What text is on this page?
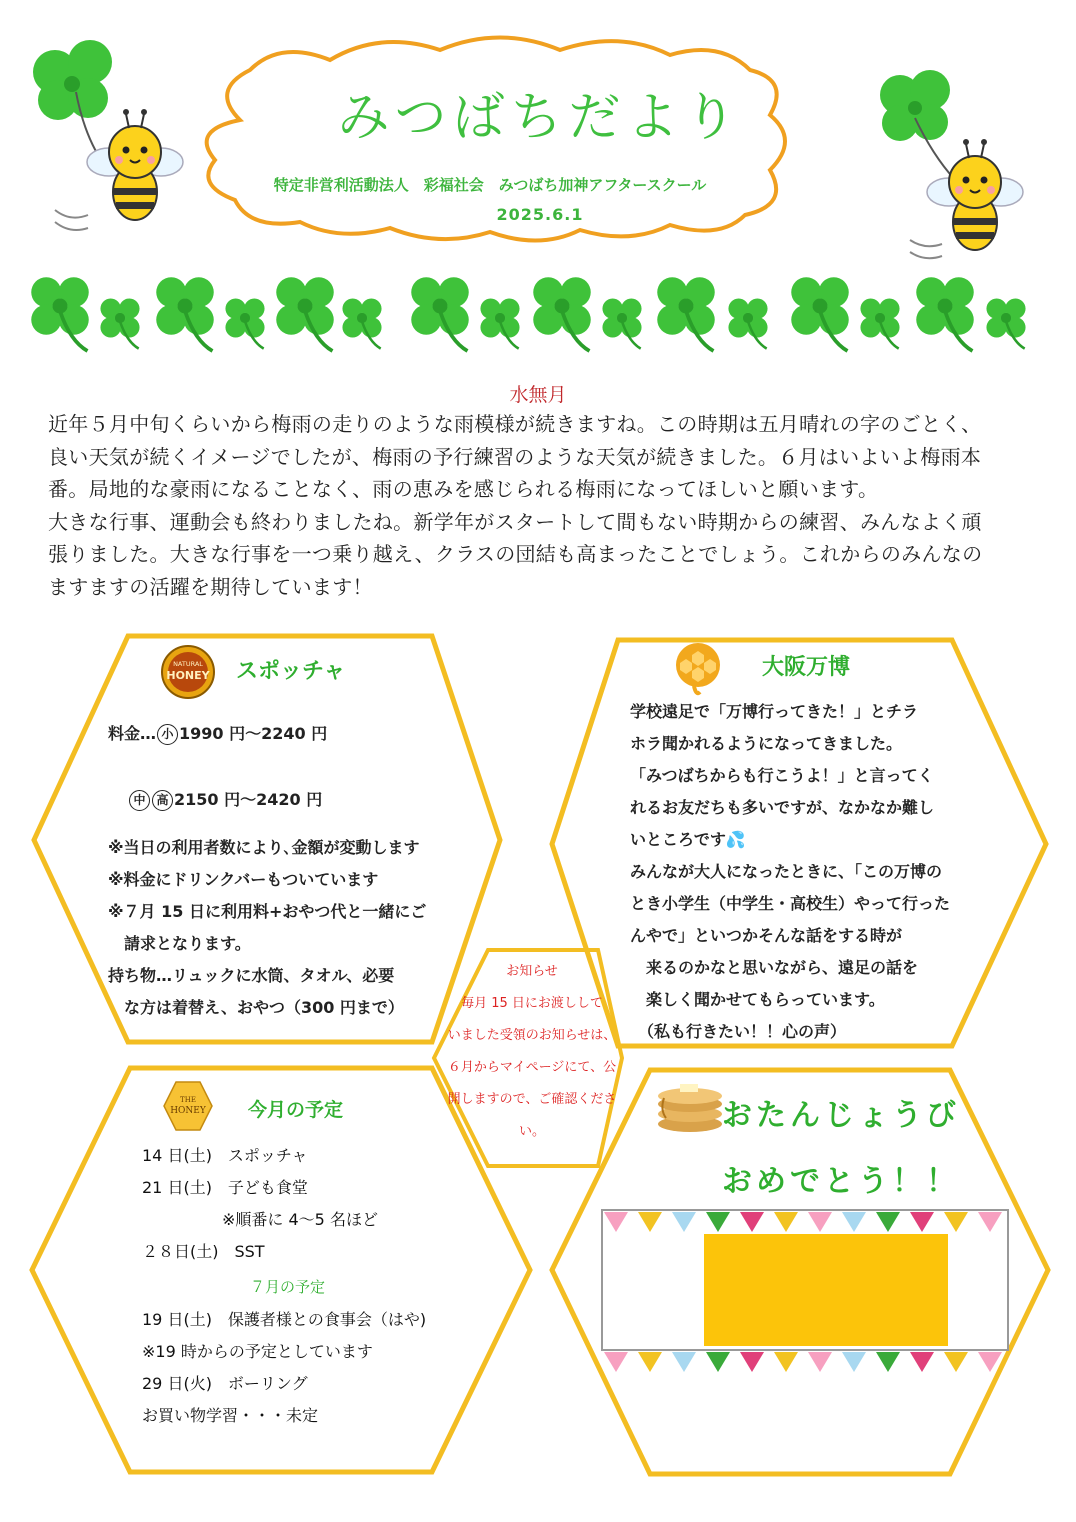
NATURAL
HONEY
THE
HONEY
みつばちだより
特定非営利活動法人　彩福社会　みつばち加神アフタースクール
2025.6.1
水無月

近年５月中旬くらいから梅雨の走りのような雨模様が続きますね。この時期は五月晴れの字のごとく、

良い天気が続くイメージでしたが、梅雨の予行練習のような天気が続きました。６月はいよいよ梅雨本

番。局地的な豪雨になることなく、雨の恵みを感じられる梅雨になってほしいと願います。

大きな行事、運動会も終わりましたね。新学年がスタートして間もない時期からの練習、みんなよく頑

張りました。大きな行事を一つ乗り越え、クラスの団結も高まったことでしょう。これからのみんなの

ますますの活躍を期待しています！

スポッチャ
料金… 小 1990 円～2240 円
中 高 2150 円～2420 円
※当日の利用者数により､金額が変動します
※料金にドリンクバーもついています
※７月 15 日に利用料+おやつ代と一緒にご
　請求となります。
持ち物…リュックに水筒、タオル、必要
　な方は着替え、おやつ（300 円まで）
大阪万博
学校遠足で「万博行ってきた！」とチラ
ホラ聞かれるようになってきました。
「みつばちからも行こうよ！」と言ってく
れるお友だちも多いですが、なかなか難し
いところです💦
みんなが大人になったときに、「この万博の
とき小学生（中学生・高校生）やって行った
んやで」といつかそんな話をする時が
　来るのかなと思いながら、遠足の話を
　楽しく聞かせてもらっています。
　（私も行きたい！！心の声）
お知らせ
毎月 15 日にお渡しして
いました受領のお知らせは、
６月からマイページにて、公
開しますので、ご確認くださ
い。
今月の予定
14 日(土)　スポッチャ
21 日(土)　子ども食堂
　　　　　※順番に 4～5 名ほど
２８日(土)　SST
７月の予定
19 日(土)　保護者様との食事会（はや)
※19 時からの予定としています
29 日(火)　ボーリング
お買い物学習・・・未定
おたんじょうび
おめでとう！！
